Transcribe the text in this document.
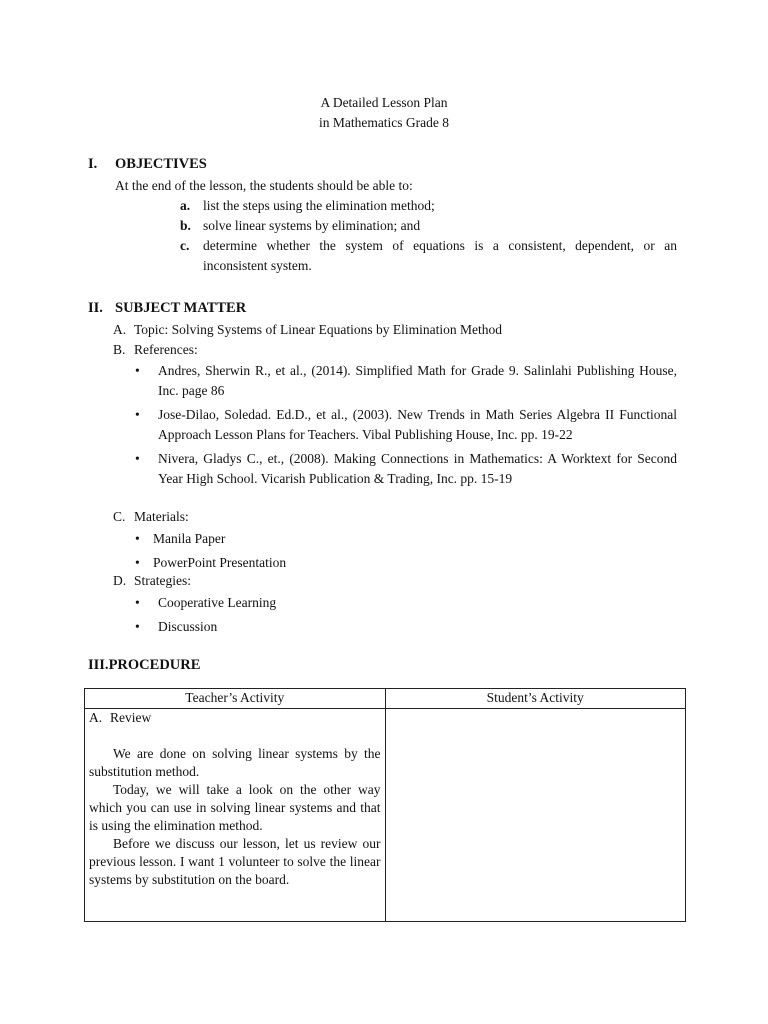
A Detailed Lesson Plan
in Mathematics Grade 8
I. OBJECTIVES
At the end of the lesson, the students should be able to:
a. list the steps using the elimination method;
b. solve linear systems by elimination; and
c. determine whether the system of equations is a consistent, dependent, or an inconsistent system.
II. SUBJECT MATTER
A. Topic: Solving Systems of Linear Equations by Elimination Method
B. References:
• Andres, Sherwin R., et al., (2014). Simplified Math for Grade 9. Salinlahi Publishing House, Inc. page 86
• Jose-Dilao, Soledad. Ed.D., et al., (2003). New Trends in Math Series Algebra II Functional Approach Lesson Plans for Teachers. Vibal Publishing House, Inc. pp. 19-22
• Nivera, Gladys C., et., (2008). Making Connections in Mathematics: A Worktext for Second Year High School. Vicarish Publication & Trading, Inc. pp. 15-19
C. Materials:
• Manila Paper
• PowerPoint Presentation
D. Strategies:
• Cooperative Learning
• Discussion
III.PROCEDURE
Teacher’s Activity	Student’s Activity

A. Review

We are done on solving linear systems by the substitution method.

Today, we will take a look on the other way which you can use in solving linear systems and that is using the elimination method.

Before we discuss our lesson, let us review our previous lesson. I want 1 volunteer to solve the linear systems by substitution on the board.	
